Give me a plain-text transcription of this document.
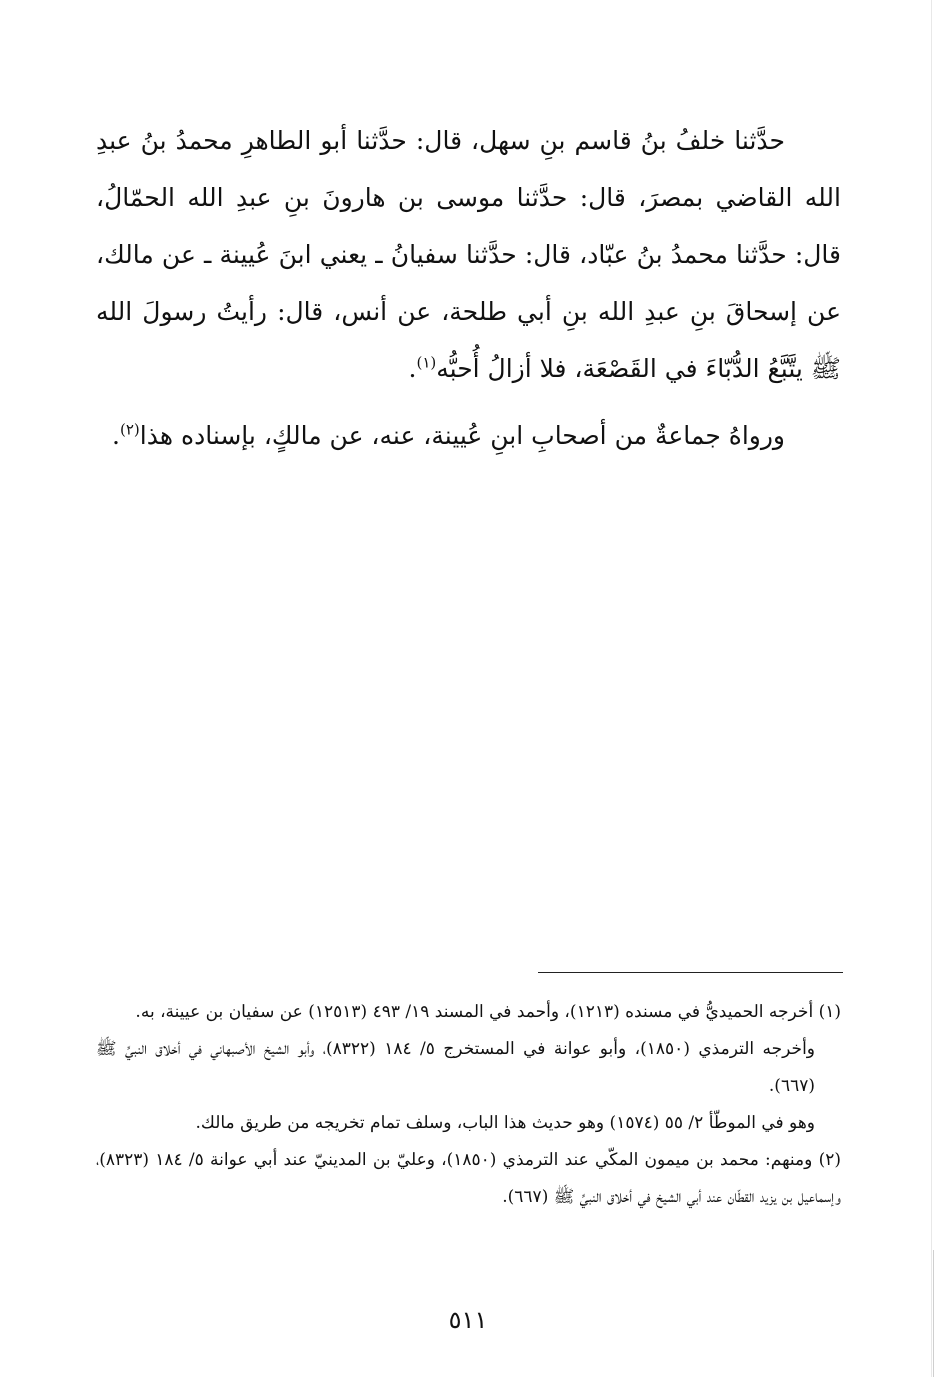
حدَّثنا خلفُ بنُ قاسم بنِ سهل، قال: حدَّثنا أبو الطاهرِ محمدُ بنُ عبدِ الله القاضي بمصرَ، قال: حدَّثنا موسى بن هارونَ بنِ عبدِ الله الحمّالُ، قال: حدَّثنا محمدُ بنُ عبّاد، قال: حدَّثنا سفيانُ ـ يعني ابنَ عُيينة ـ عن مالك، عن إسحاقَ بنِ عبدِ الله بنِ أبي طلحة، عن أنس، قال: رأيتُ رسولَ الله ﷺ يتَّبَّعُ الدُّبّاءَ في القَصْعَة، فلا أزالُ أُحبُّه$^{(١)}$.

ورواهُ جماعةٌ من أصحابِ ابنِ عُيينة، عنه، عن مالكٍ، بإسناده هذا$^{(٢)}$.

(١) أخرجه الحميديُّ في مسنده (١٢١٣)، وأحمد في المسند ١٩/ ٤٩٣ (١٢٥١٣) عن سفيان بن عيينة، به.

وأخرجه الترمذي (١٨٥٠)، وأبو عوانة في المستخرج ٥/ ١٨٤ (٨٣٢٢)، وأبو الشيخ الأصبهاني في أخلاق النبيِّ ﷺ (٦٦٧).

وهو في الموطّأ ٢/ ٥٥ (١٥٧٤) وهو حديث هذا الباب، وسلف تمام تخريجه من طريق مالك.

(٢) ومنهم: محمد بن ميمون المكّي عند الترمذي (١٨٥٠)، وعليّ بن المدينيّ عند أبي عوانة ٥/ ١٨٤ (٨٣٢٣)، وإسماعيل بن يزيد القطّان عند أبي الشيخ في أخلاق النبيِّ ﷺ (٦٦٧).

٥١١
